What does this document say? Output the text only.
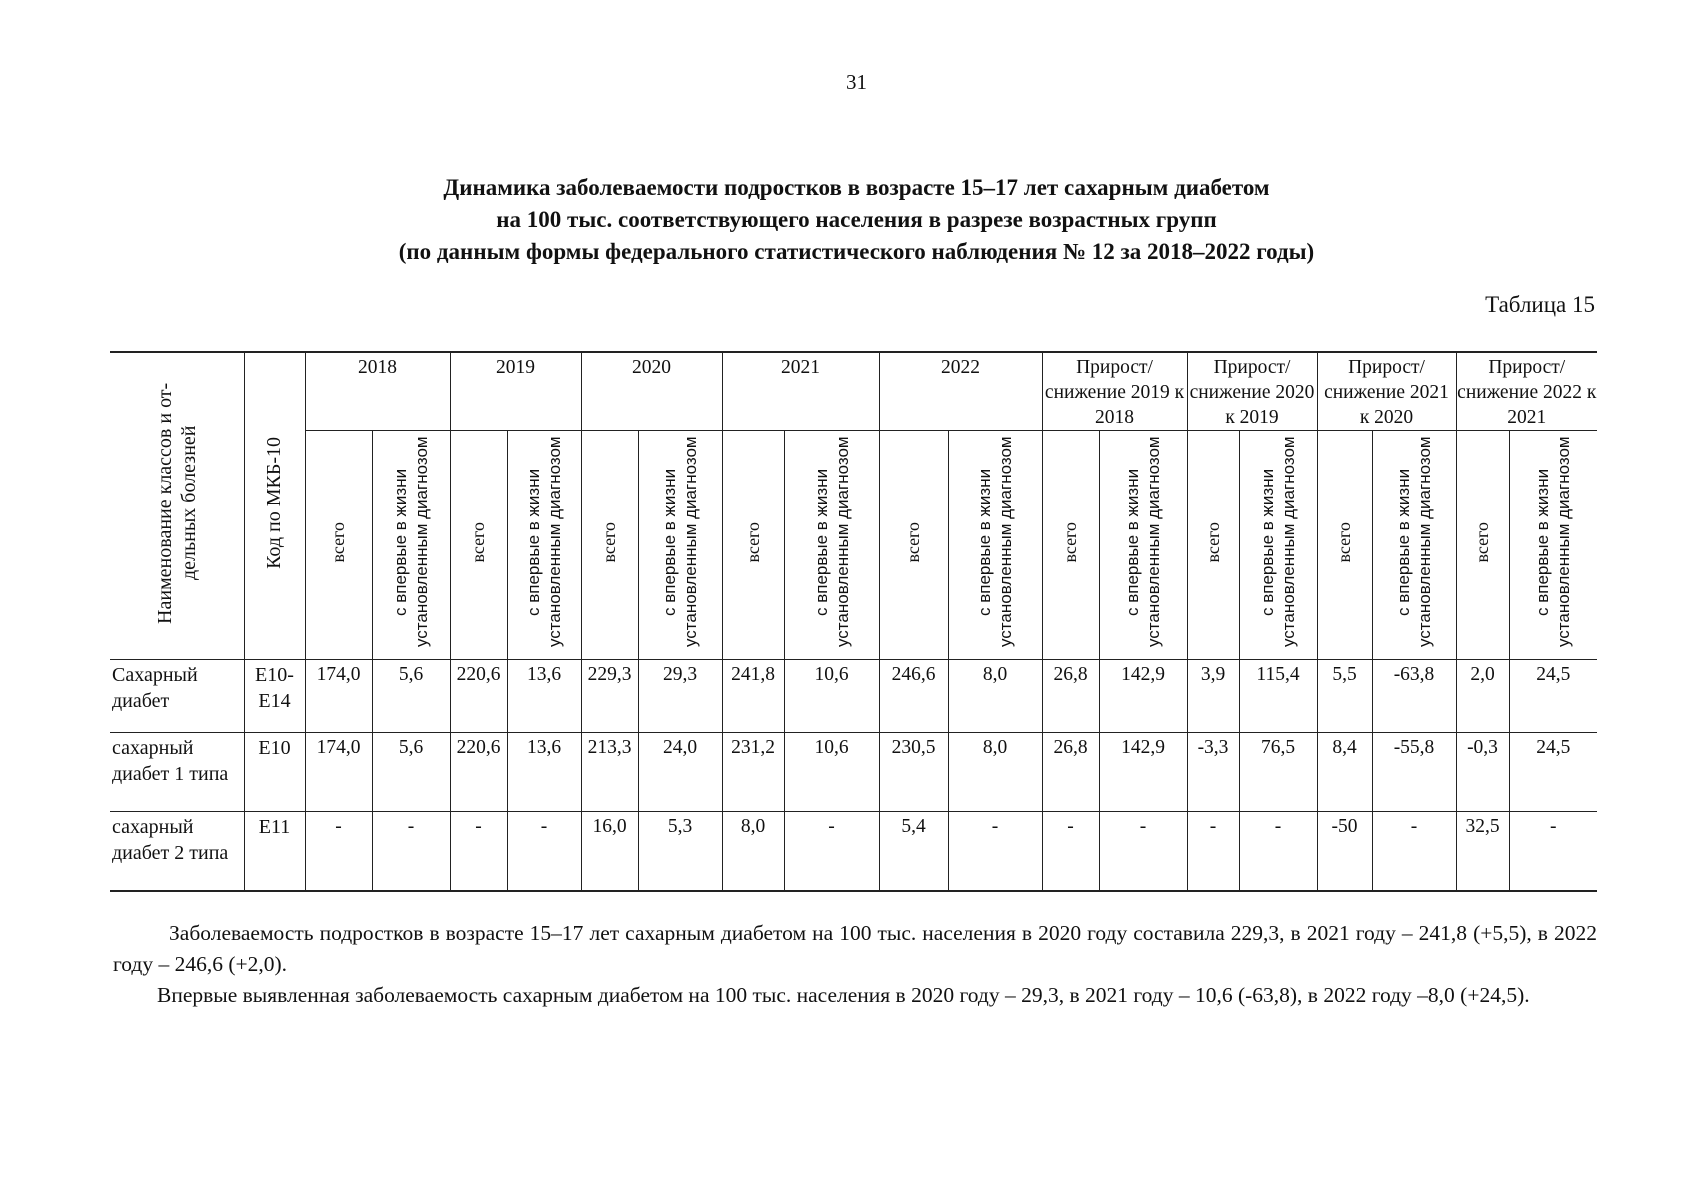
31
Динамика заболеваемости подростков в возрасте 15–17 лет сахарным диабетом
на 100 тыс. соответствующего населения в разрезе возрастных групп
(по данным формы федерального статистического наблюдения № 12 за 2018–2022 годы)
Таблица 15
Наименование классов и от-дельных болезней	Код по МКБ-10	2018		2019		2020		2021		2022		Прирост/ снижение 2019 к 2018		Прирост/ снижение 2020 к 2019		Прирост/ снижение 2021 к 2020		Прирост/ снижение 2022 к 2021	
		всего	с впервые в жизни установленным диагнозом	всего	с впервые в жизни установленным диагнозом	всего	с впервые в жизни установленным диагнозом	всего	с впервые в жизни установленным диагнозом	всего	с впервые в жизни установленным диагнозом	всего	с впервые в жизни установленным диагнозом	всего	с впервые в жизни установленным диагнозом	всего	с впервые в жизни установленным диагнозом	всего	с впервые в жизни установленным диагнозом
Сахарный диабет	E10-E14	174,0	5,6	220,6	13,6	229,3	29,3	241,8	10,6	246,6	8,0	26,8	142,9	3,9	115,4	5,5	-63,8	2,0	24,5
сахарный диабет 1 типа	E10	174,0	5,6	220,6	13,6	213,3	24,0	231,2	10,6	230,5	8,0	26,8	142,9	-3,3	76,5	8,4	-55,8	-0,3	24,5
сахарный диабет 2 типа	E11	-	-	-	-	16,0	5,3	8,0	-	5,4	-	-	-	-	-	-50	-	32,5	-
Заболеваемость подростков в возрасте 15–17 лет сахарным диабетом на 100 тыс. населения в 2020 году составила 229,3, в 2021 году – 241,8 (+5,5), в 2022 году – 246,6 (+2,0).
Впервые выявленная заболеваемость сахарным диабетом на 100 тыс. населения в 2020 году – 29,3, в 2021 году – 10,6 (-63,8), в 2022 году –8,0 (+24,5).
